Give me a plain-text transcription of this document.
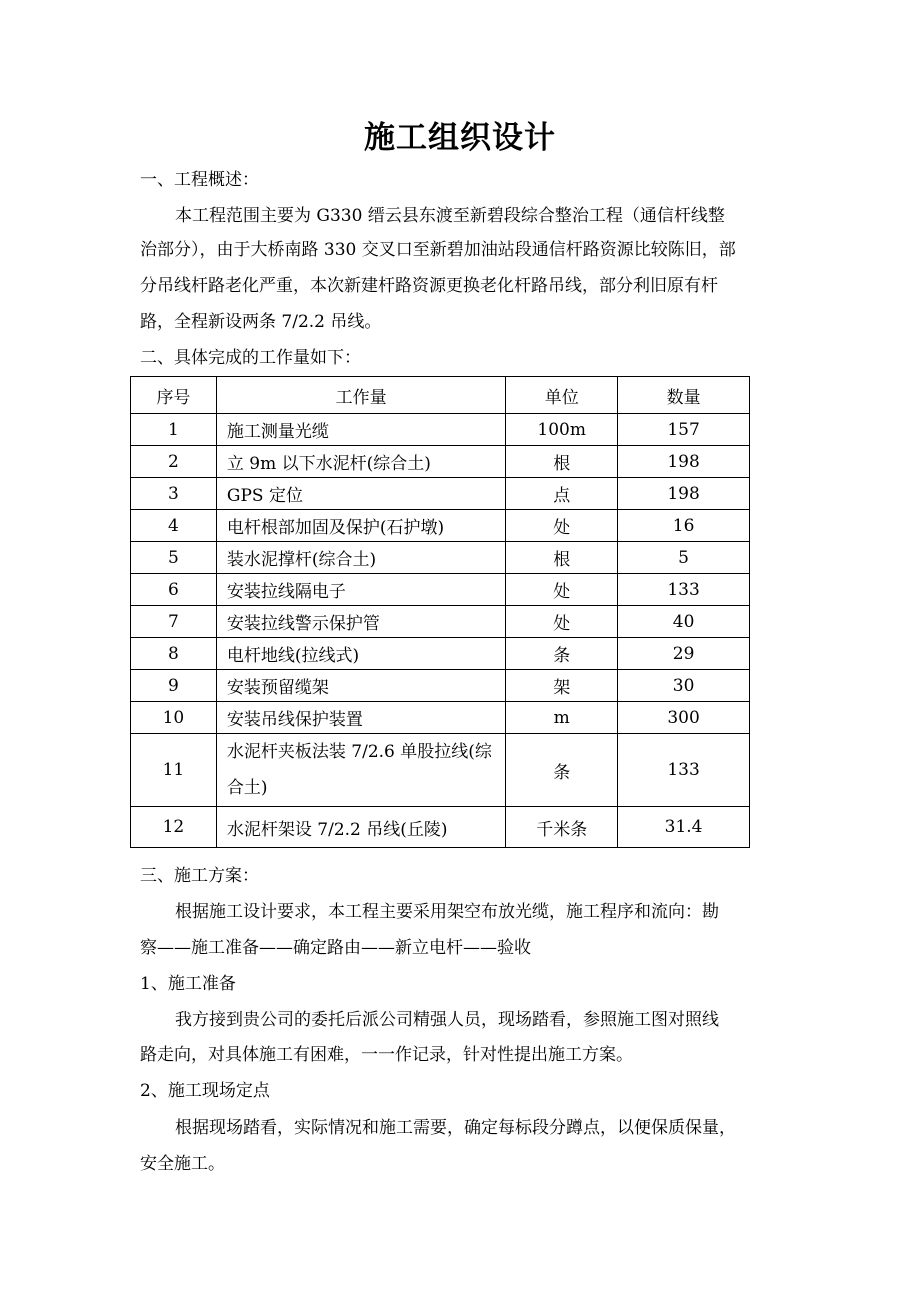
施工组织设计
一、工程概述：
本工程范围主要为 G330 缙云县东渡至新碧段综合整治工程（通信杆线整
治部分），由于大桥南路 330 交叉口至新碧加油站段通信杆路资源比较陈旧，部
分吊线杆路老化严重，本次新建杆路资源更换老化杆路吊线，部分利旧原有杆
路，全程新设两条 7/2.2 吊线。
二、具体完成的工作量如下：
序号	工作量	单位	数量
1	施工测量光缆	100m	157
2	立 9m 以下水泥杆(综合土)	根	198
3	GPS 定位	点	198
4	电杆根部加固及保护(石护墩)	处	16
5	装水泥撑杆(综合土)	根	5
6	安装拉线隔电子	处	133
7	安装拉线警示保护管	处	40
8	电杆地线(拉线式)	条	29
9	安装预留缆架	架	30
10	安装吊线保护装置	m	300
11	水泥杆夹板法装 7/2.6 单股拉线(综合土)	条	133
12	水泥杆架设 7/2.2 吊线(丘陵)	千米条	31.4
三、施工方案：
根据施工设计要求，本工程主要采用架空布放光缆，施工程序和流向：勘
察——施工准备——确定路由——新立电杆——验收
1、施工准备
我方接到贵公司的委托后派公司精强人员，现场踏看，参照施工图对照线
路走向，对具体施工有困难，一一作记录，针对性提出施工方案。
2、施工现场定点
根据现场踏看，实际情况和施工需要，确定每标段分蹲点，以便保质保量，
安全施工。
